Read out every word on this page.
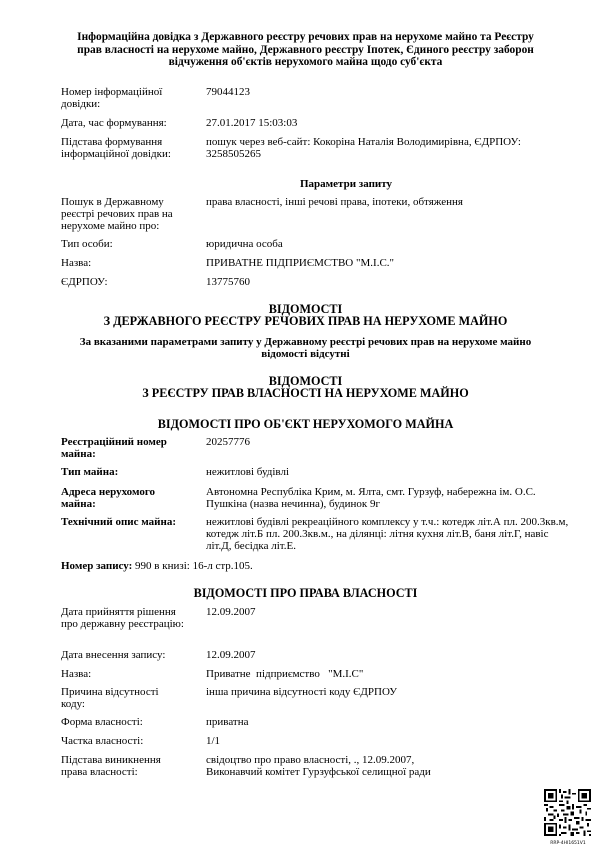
Інформаційна довідка з Державного реєстру речових прав на нерухоме майно та Реєстру
прав власності на нерухоме майно, Державного реєстру Іпотек, Єдиного реєстру заборон
відчуження об'єктів нерухомого майна щодо суб'єкта
Номер інформаційної довідки:
79044123
Дата, час формування:	27.01.2017 15:03:03
Підстава формування інформаційної довідки:
пошук через веб-сайт: Кокоріна Наталія Володимирівна, ЄДРПОУ: 3258505265
Параметри запиту
Пошук в Державному реєстрі речових прав на нерухоме майно про:
права власності, інші речові права, іпотеки, обтяження
Тип особи:	юридична особа
Назва:	ПРИВАТНЕ ПІДПРИЄМСТВО "М.І.С."
ЄДРПОУ:	13775760
ВІДОМОСТІ
З ДЕРЖАВНОГО РЕЄСТРУ РЕЧОВИХ ПРАВ НА НЕРУХОМЕ МАЙНО
За вказаними параметрами запиту у Державному реєстрі речових прав на нерухоме майно
відомості відсутні
ВІДОМОСТІ
З РЕЄСТРУ ПРАВ ВЛАСНОСТІ НА НЕРУХОМЕ МАЙНО
ВІДОМОСТІ ПРО ОБ'ЄКТ НЕРУХОМОГО МАЙНА
Реєстраційний номер майна:
20257776
Тип майна:	нежитлові будівлі
Адреса нерухомого майна:
Автономна Республіка Крим, м. Ялта, смт. Гурзуф, набережна ім. О.С. Пушкіна (назва нечинна), будинок 9г
Технічний опис майна:	нежитлові будівлі рекреаційного комплексу у т.ч.: котедж літ.А пл. 200.3кв.м, котедж літ.Б пл. 200.3кв.м., на ділянці: літня кухня літ.В, баня літ.Г, навіс літ.Д, бесідка літ.Е.
Номер запису: 990 в книзі: 16-л стр.105.
ВІДОМОСТІ ПРО ПРАВА ВЛАСНОСТІ
Дата прийняття рішення про державну реєстрацію:
12.09.2007
Дата внесення запису:	12.09.2007
Назва:	Приватне  підприємство   "М.І.С"
Причина відсутності коду:
інша причина відсутності коду ЄДРПОУ
Форма власності:	приватна
Частка власності:	1/1
Підстава виникнення права власності:
свідоцтво про право власності, ., 12.09.2007,
Виконавчий комітет Гурзуфської селищної ради
RRP-4HI1651V1
